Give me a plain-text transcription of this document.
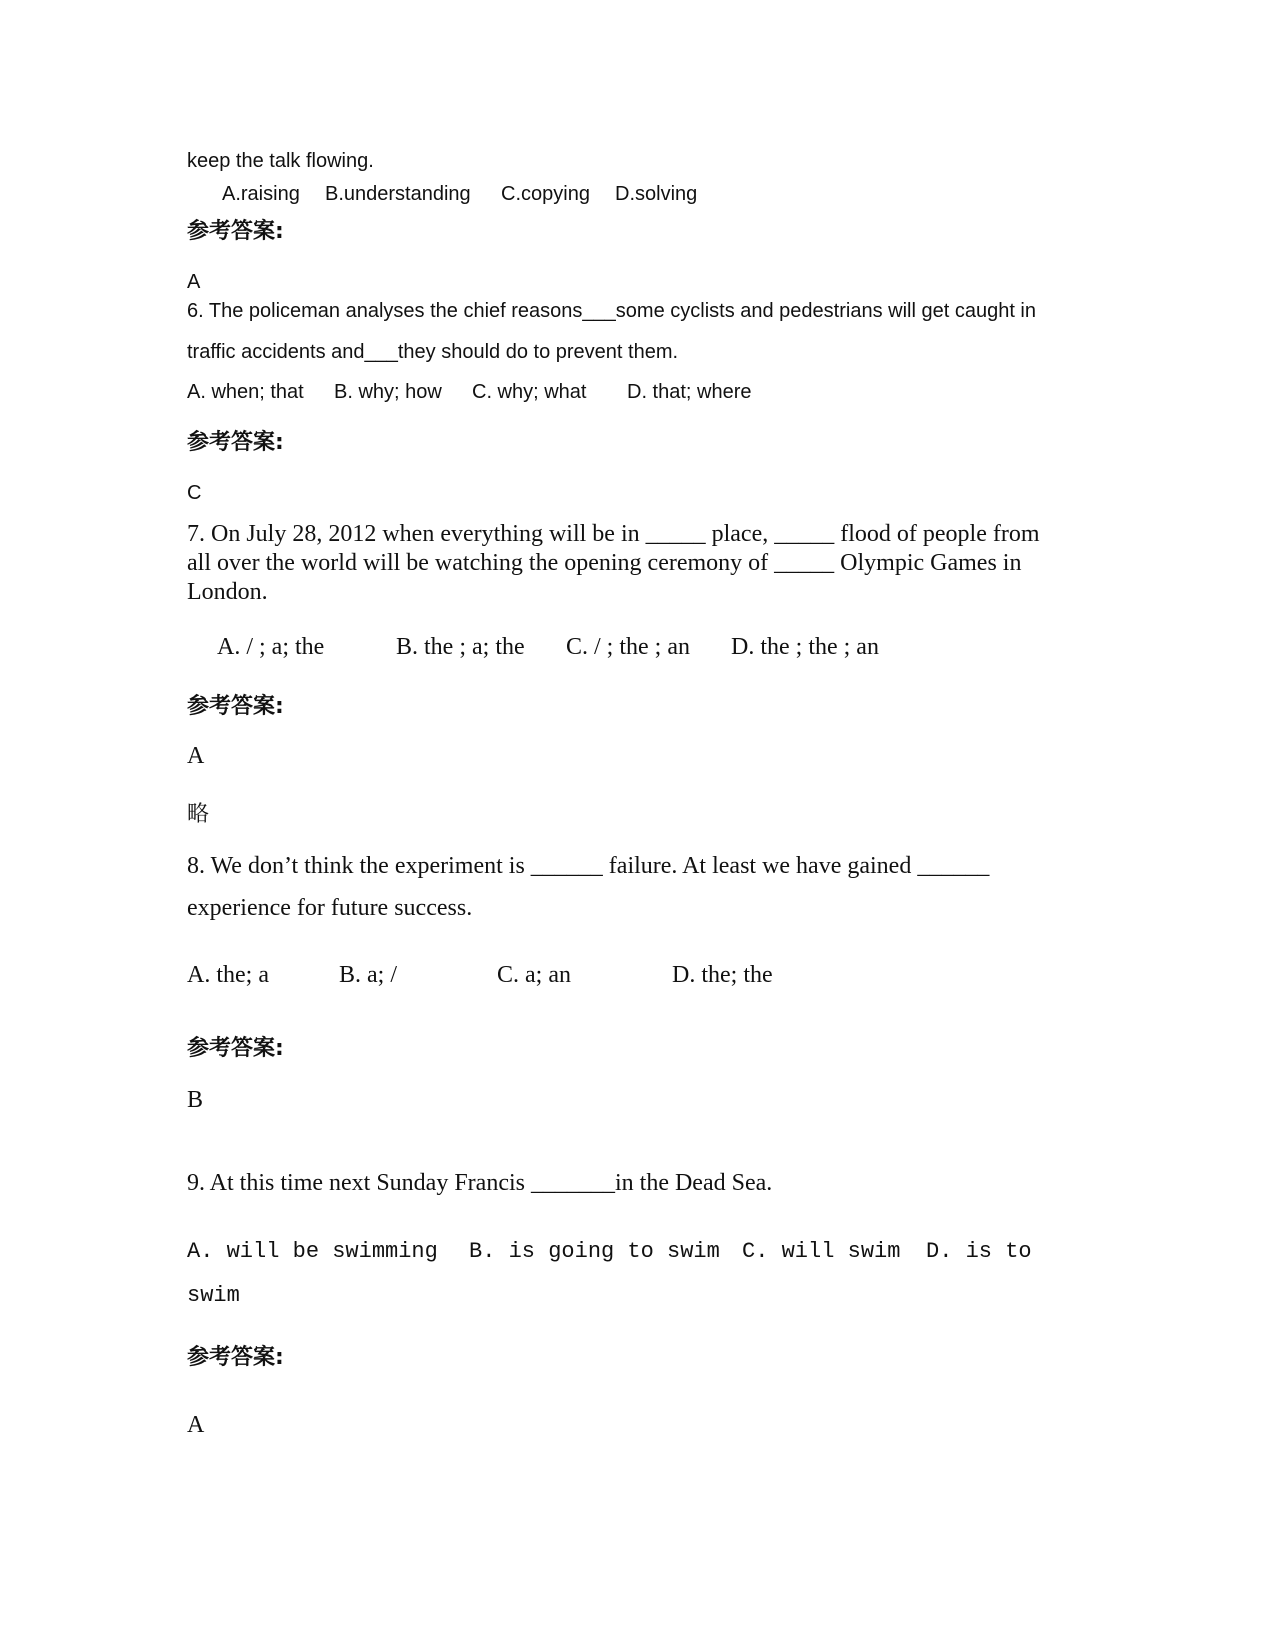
keep the talk flowing.
A.raising B.understanding C.copying D.solving
参考答案:
A
6. The policeman analyses the chief reasons___some cyclists and pedestrians will get caught in
traffic accidents and___they should do to prevent them.
A. when; that B. why; how C. why; what D. that; where
参考答案:
C
7. On July 28, 2012 when everything will be in _____ place, _____ flood of people from
all over the world will be watching the opening ceremony of _____ Olympic Games in
London.
A. / ; a; the	B. the ; a; the C. / ; the ; an D. the ; the ; an
参考答案:
A
略
8. We don’t think the experiment is ______ failure. At least we have gained ______
experience for future success.
A. the; a	B. a; /	C. a; an	D. the; the
参考答案:
B
9. At this time next Sunday Francis _______in the Dead Sea.
A. will be swimming B. is going to swim C. will swim D. is to
swim
参考答案:
A
